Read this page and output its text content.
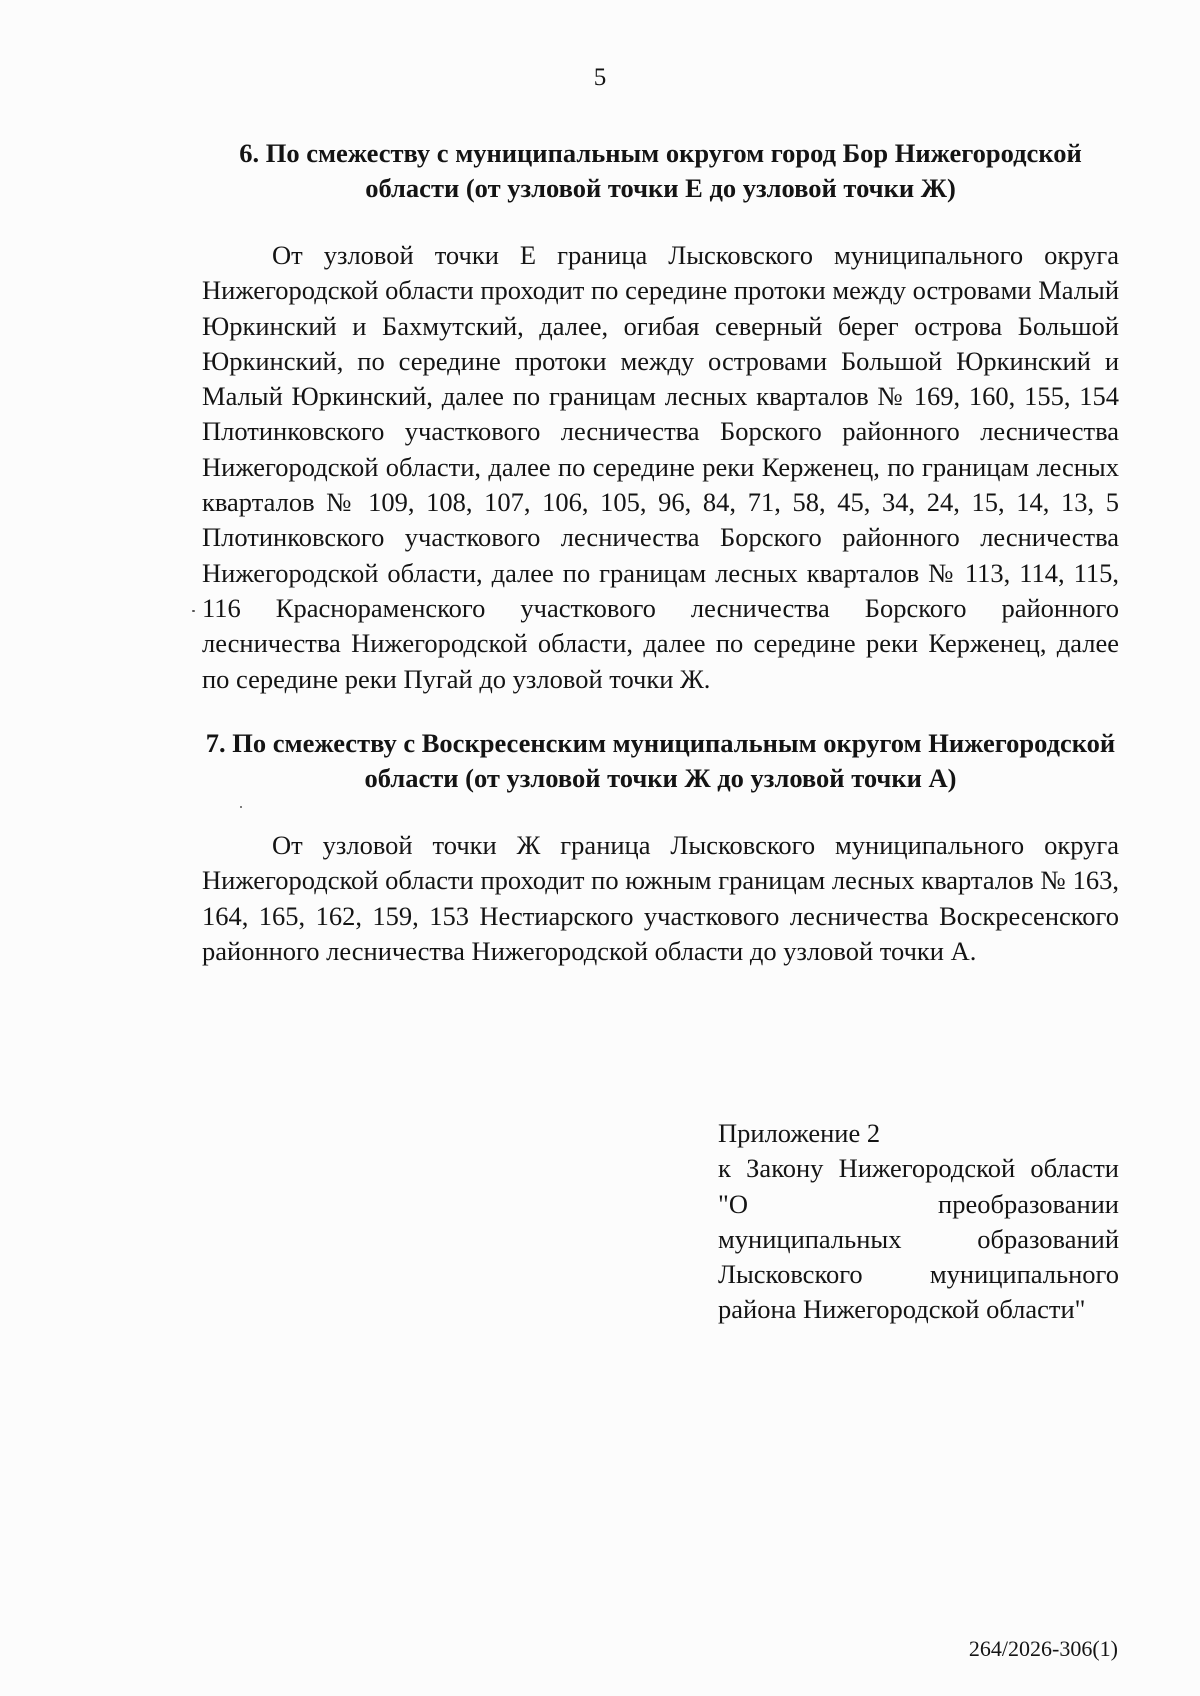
5
6. По смежеству с муниципальным округом город Бор Нижегородской области (от узловой точки Е до узловой точки Ж)
От узловой точки Е граница Лысковского муниципального округа Нижегородской области проходит по середине протоки между островами Малый Юркинский и Бахмутский, далее, огибая северный берег острова Большой Юркинский, по середине протоки между островами Большой Юркинский и Малый Юркинский, далее по границам лесных кварталов № 169, 160, 155, 154 Плотинковского участкового лесничества Борского районного лесничества Нижегородской области, далее по середине реки Керженец, по границам лесных кварталов № 109, 108, 107, 106, 105, 96, 84, 71, 58, 45, 34, 24, 15, 14, 13, 5 Плотинковского участкового лесничества Борского районного лесничества Нижегородской области, далее по границам лесных кварталов № 113, 114, 115, 116 Краснораменского участкового лесничества Борского районного лесничества Нижегородской области, далее по середине реки Керженец, далее по середине реки Пугай до узловой точки Ж.
7. По смежеству с Воскресенским муниципальным округом Нижегородской области (от узловой точки Ж до узловой точки А)
От узловой точки Ж граница Лысковского муниципального округа Нижегородской области проходит по южным границам лесных кварталов № 163, 164, 165, 162, 159, 153 Нестиарского участкового лесничества Воскресенского районного лесничества Нижегородской области до узловой точки А.
Приложение 2
к Закону Нижегородской области "О преобразовании муниципальных образований Лысковского муниципального района Нижегородской области"
264/2026-306(1)
